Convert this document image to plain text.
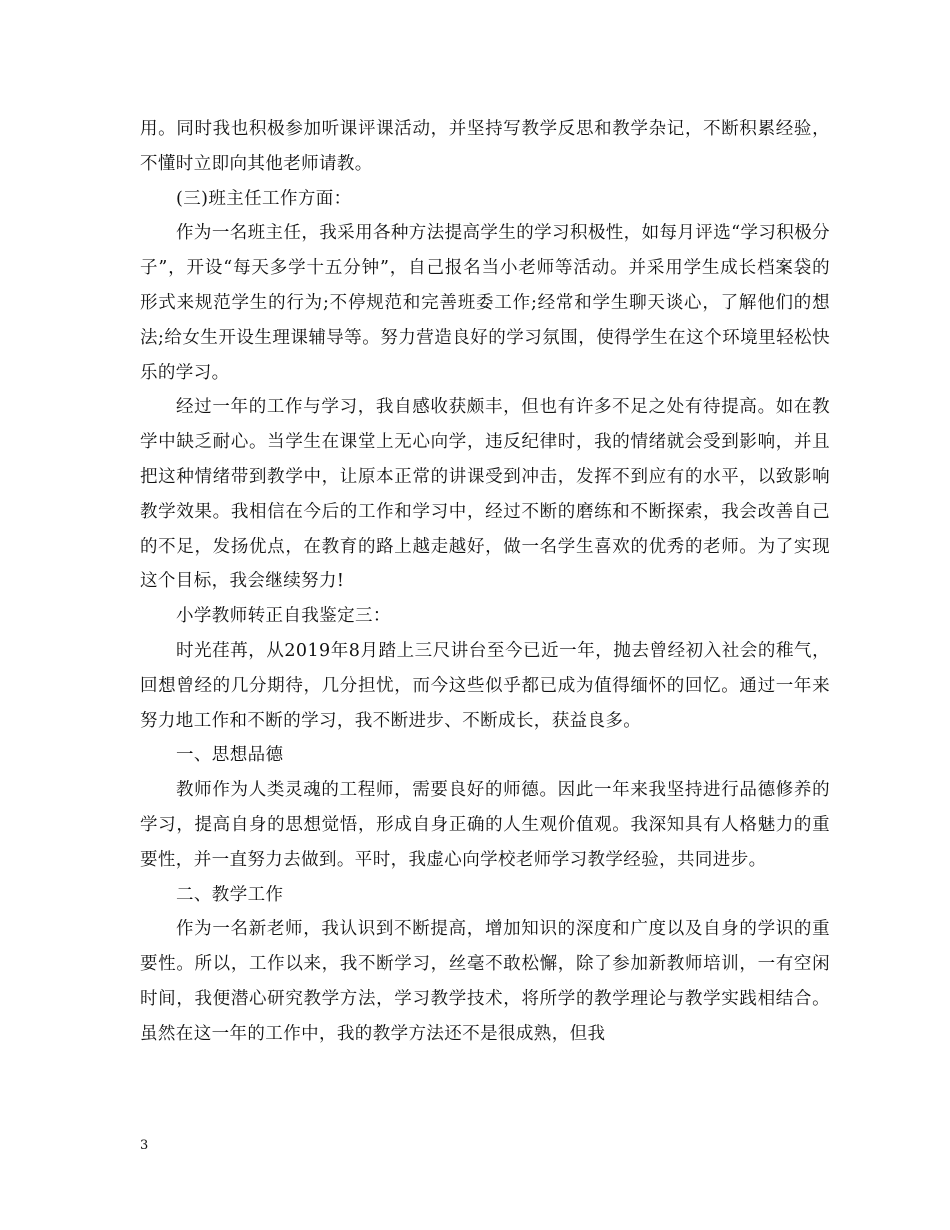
用。同时我也积极参加听课评课活动，并坚持写教学反思和教学杂记，不断积累经验，不懂时立即向其他老师请教。

(三)班主任工作方面：

作为一名班主任，我采用各种方法提高学生的学习积极性，如每月评选“学习积极分子”，开设“每天多学十五分钟”，自己报名当小老师等活动。并采用学生成长档案袋的形式来规范学生的行为;不停规范和完善班委工作;经常和学生聊天谈心，了解他们的想法;给女生开设生理课辅导等。努力营造良好的学习氛围，使得学生在这个环境里轻松快乐的学习。

经过一年的工作与学习，我自感收获颇丰，但也有许多不足之处有待提高。如在教学中缺乏耐心。当学生在课堂上无心向学，违反纪律时，我的情绪就会受到影响，并且把这种情绪带到教学中，让原本正常的讲课受到冲击，发挥不到应有的水平，以致影响教学效果。我相信在今后的工作和学习中，经过不断的磨练和不断探索，我会改善自己的不足，发扬优点，在教育的路上越走越好，做一名学生喜欢的优秀的老师。为了实现这个目标，我会继续努力!

小学教师转正自我鉴定三：

时光荏苒，从2019年8月踏上三尺讲台至今已近一年，抛去曾经初入社会的稚气，回想曾经的几分期待，几分担忧，而今这些似乎都已成为值得缅怀的回忆。通过一年来努力地工作和不断的学习，我不断进步、不断成长，获益良多。

一、思想品德

教师作为人类灵魂的工程师，需要良好的师德。因此一年来我坚持进行品德修养的学习，提高自身的思想觉悟，形成自身正确的人生观价值观。我深知具有人格魅力的重要性，并一直努力去做到。平时，我虚心向学校老师学习教学经验，共同进步。

二、教学工作

作为一名新老师，我认识到不断提高，增加知识的深度和广度以及自身的学识的重要性。所以，工作以来，我不断学习，丝毫不敢松懈，除了参加新教师培训，一有空闲时间，我便潜心研究教学方法，学习教学技术，将所学的教学理论与教学实践相结合。虽然在这一年的工作中，我的教学方法还不是很成熟，但我

3
